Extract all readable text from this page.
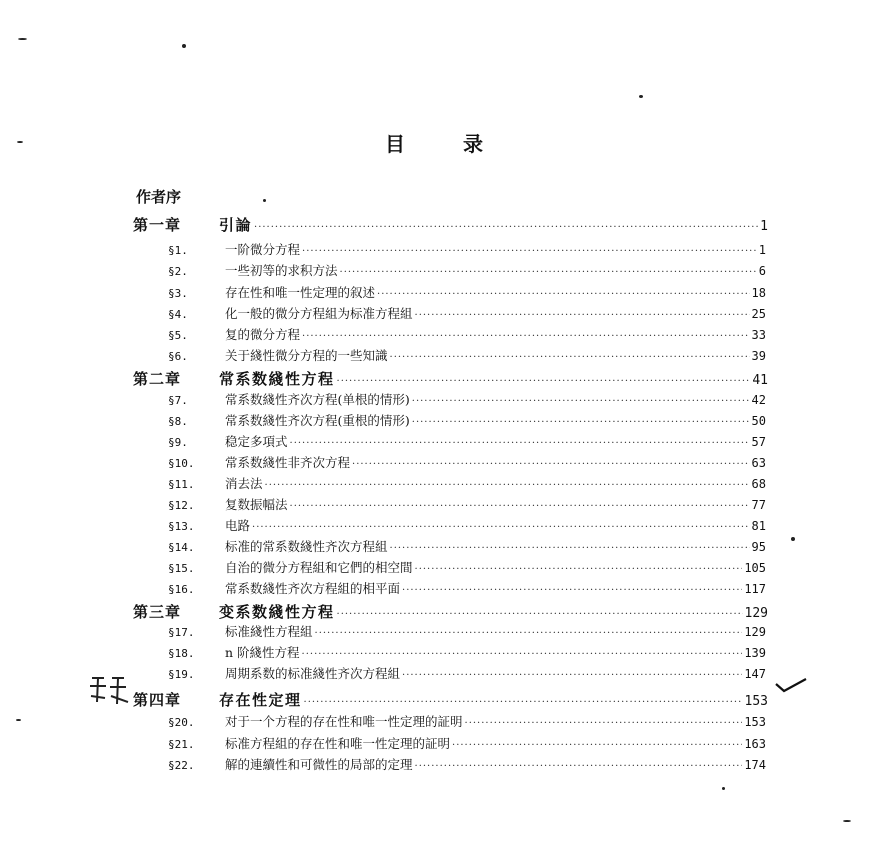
目	录
作者序
第一章	引論 ·····	1
§1.	一阶微分方程 ·····	1
§2.	一些初等的求积方法 ·····	6
§3.	存在性和唯一性定理的叙述 ·····	18
§4.	化一般的微分方程組为标准方程組 ·····	25
§5.	复的微分方程 ·····	33
§6.	关于綫性微分方程的一些知識 ·····	39
第二章	常系数綫性方程 ·····	41
§7.	常系数綫性齐次方程(单根的情形) ·····	42
§8.	常系数綫性齐次方程(重根的情形) ·····	50
§9.	稳定多項式 ·····	57
§10.	常系数綫性非齐次方程 ·····	63
§11.	消去法 ·····	68
§12.	复数振幅法 ·····	77
§13.	电路 ·····	81
§14.	标准的常系数綫性齐次方程組 ·····	95
§15.	自治的微分方程組和它們的相空間 ·····	105
§16.	常系数綫性齐次方程組的相平面 ·····	117
第三章	变系数綫性方程 ·····	129
§17.	标准綫性方程組 ·····	129
§18.	n 阶綫性方程 ·····	139
§19.	周期系数的标准綫性齐次方程組 ·····	147
第四章	存在性定理 ·····	153
§20.	对于一个方程的存在性和唯一性定理的証明 ·····	153
§21.	标准方程組的存在性和唯一性定理的証明 ·····	163
§22.	解的連續性和可微性的局部的定理 ·····	174
